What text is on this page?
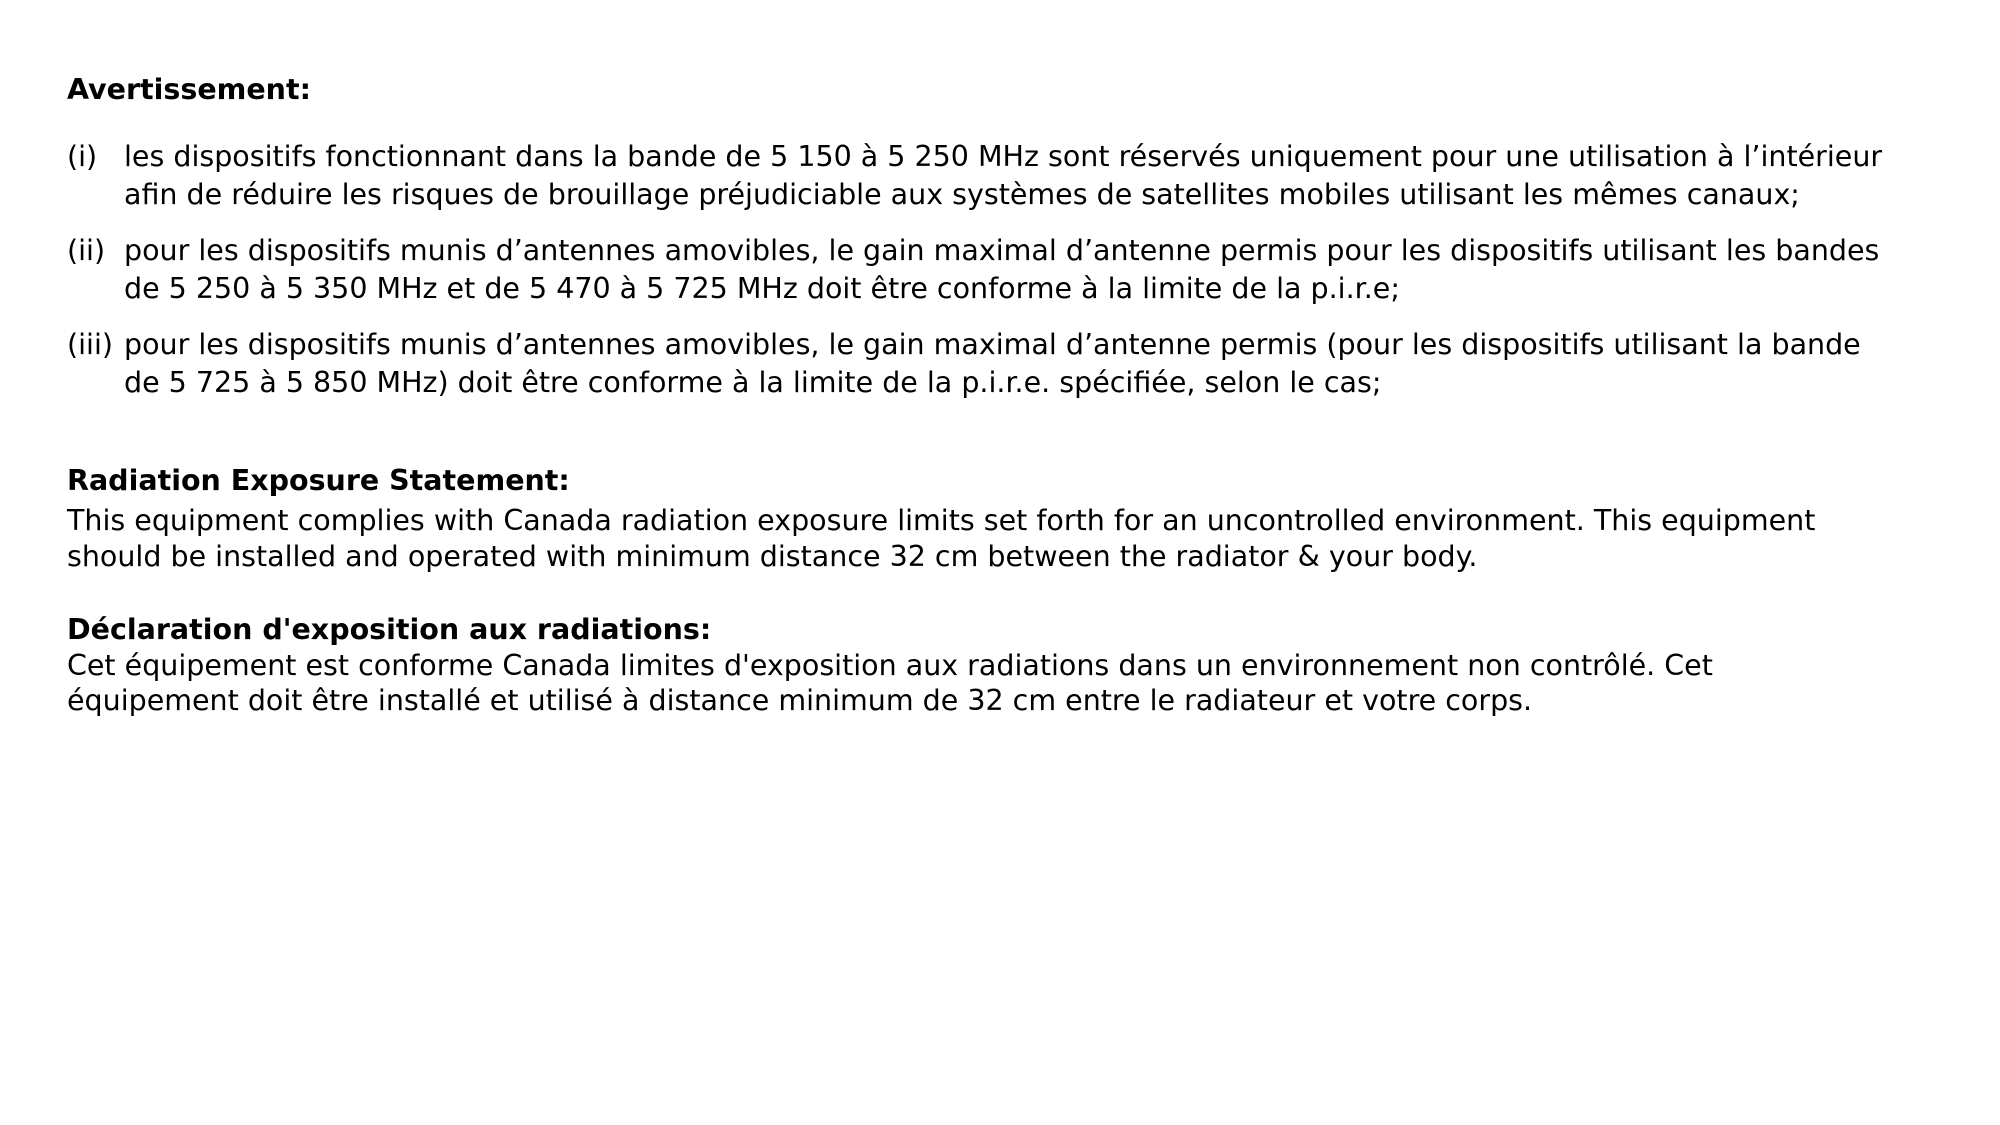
Avertissement:
(i) les dispositifs fonctionnant dans la bande de 5 150 à 5 250 MHz sont réservés uniquement pour une utilisation à l’intérieur
afin de réduire les risques de brouillage préjudiciable aux systèmes de satellites mobiles utilisant les mêmes canaux;
(ii) pour les dispositifs munis d’antennes amovibles, le gain maximal d’antenne permis pour les dispositifs utilisant les bandes
de 5 250 à 5 350 MHz et de 5 470 à 5 725 MHz doit être conforme à la limite de la p.i.r.e;
(iii) pour les dispositifs munis d’antennes amovibles, le gain maximal d’antenne permis (pour les dispositifs utilisant la bande
de 5 725 à 5 850 MHz) doit être conforme à la limite de la p.i.r.e. spécifiée, selon le cas;
Radiation Exposure Statement:

This equipment complies with Canada radiation exposure limits set forth for an uncontrolled environment. This equipment
should be installed and operated with minimum distance 32 cm between the radiator & your body.

Déclaration d'exposition aux radiations:

Cet équipement est conforme Canada limites d'exposition aux radiations dans un environnement non contrôlé. Cet
équipement doit être installé et utilisé à distance minimum de 32 cm entre le radiateur et votre corps.
